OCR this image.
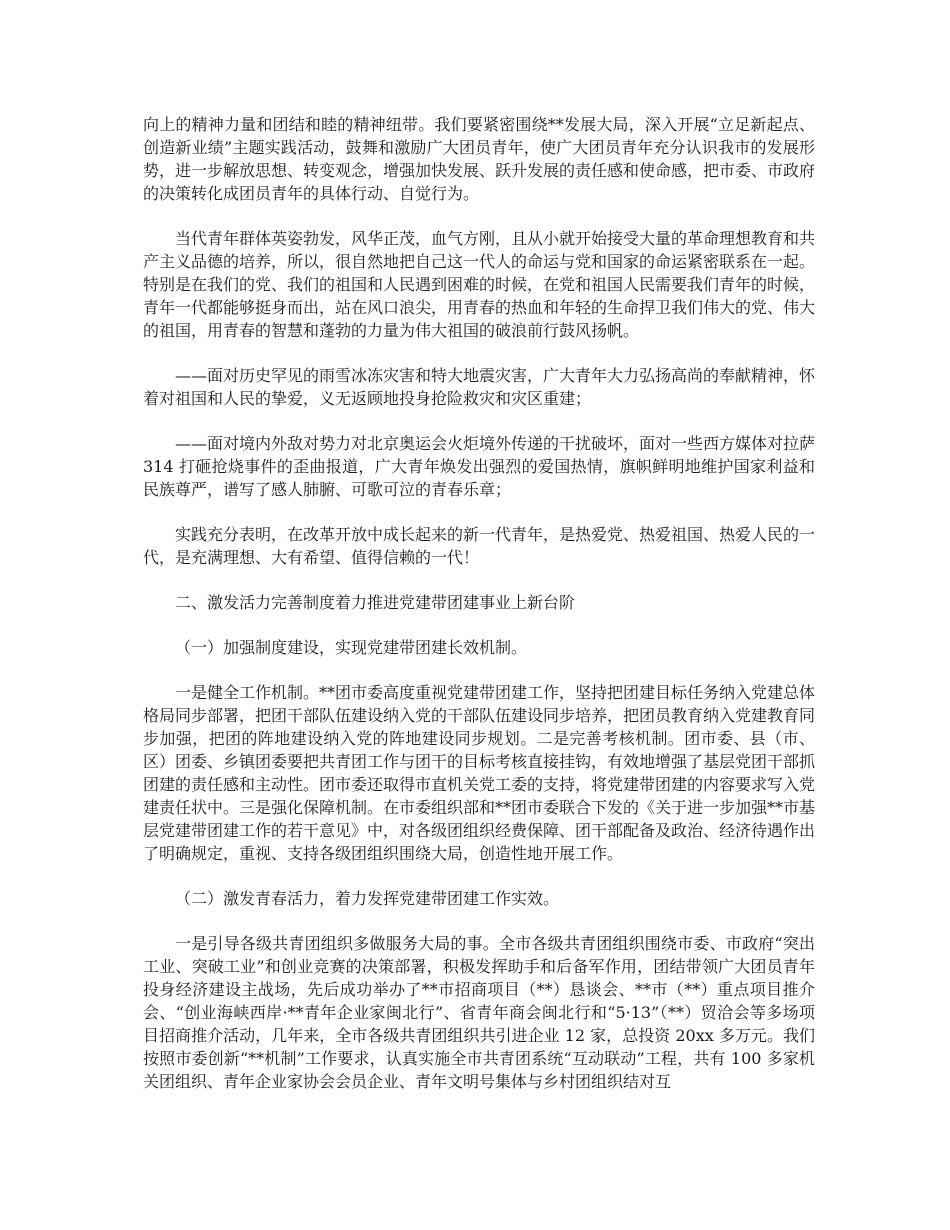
向上的精神力量和团结和睦的精神纽带。我们要紧密围绕**发展大局，深入开展“立足新起点、创造新业绩”主题实践活动，鼓舞和激励广大团员青年，使广大团员青年充分认识我市的发展形势，进一步解放思想、转变观念，增强加快发展、跃升发展的责任感和使命感，把市委、市政府的决策转化成团员青年的具体行动、自觉行为。

当代青年群体英姿勃发，风华正茂，血气方刚，且从小就开始接受大量的革命理想教育和共产主义品德的培养，所以，很自然地把自己这一代人的命运与党和国家的命运紧密联系在一起。特别是在我们的党、我们的祖国和人民遇到困难的时候，在党和祖国人民需要我们青年的时候，青年一代都能够挺身而出，站在风口浪尖，用青春的热血和年轻的生命捍卫我们伟大的党、伟大的祖国，用青春的智慧和蓬勃的力量为伟大祖国的破浪前行鼓风扬帆。

——面对历史罕见的雨雪冰冻灾害和特大地震灾害，广大青年大力弘扬高尚的奉献精神，怀着对祖国和人民的挚爱，义无返顾地投身抢险救灾和灾区重建；

——面对境内外敌对势力对北京奥运会火炬境外传递的干扰破坏，面对一些西方媒体对拉萨 314 打砸抢烧事件的歪曲报道，广大青年焕发出强烈的爱国热情，旗帜鲜明地维护国家利益和民族尊严，谱写了感人肺腑、可歌可泣的青春乐章；

实践充分表明，在改革开放中成长起来的新一代青年，是热爱党、热爱祖国、热爱人民的一代，是充满理想、大有希望、值得信赖的一代！

二、激发活力完善制度着力推进党建带团建事业上新台阶

（一）加强制度建设，实现党建带团建长效机制。

一是健全工作机制。**团市委高度重视党建带团建工作，坚持把团建目标任务纳入党建总体格局同步部署，把团干部队伍建设纳入党的干部队伍建设同步培养，把团员教育纳入党建教育同步加强，把团的阵地建设纳入党的阵地建设同步规划。二是完善考核机制。团市委、县（市、区）团委、乡镇团委要把共青团工作与团干的目标考核直接挂钩，有效地增强了基层党团干部抓团建的责任感和主动性。团市委还取得市直机关党工委的支持，将党建带团建的内容要求写入党建责任状中。三是强化保障机制。在市委组织部和**团市委联合下发的《关于进一步加强**市基层党建带团建工作的若干意见》中，对各级团组织经费保障、团干部配备及政治、经济待遇作出了明确规定，重视、支持各级团组织围绕大局，创造性地开展工作。

（二）激发青春活力，着力发挥党建带团建工作实效。

一是引导各级共青团组织多做服务大局的事。全市各级共青团组织围绕市委、市政府“突出工业、突破工业”和创业竞赛的决策部署，积极发挥助手和后备军作用，团结带领广大团员青年投身经济建设主战场，先后成功举办了**市招商项目（**）恳谈会、**市（**）重点项目推介会、“创业海峡西岸·**青年企业家闽北行”、省青年商会闽北行和“5·13”（**）贸洽会等多场项目招商推介活动，几年来，全市各级共青团组织共引进企业 12 家，总投资 20xx 多万元。我们按照市委创新“**机制”工作要求，认真实施全市共青团系统“互动联动”工程，共有 100 多家机关团组织、青年企业家协会会员企业、青年文明号集体与乡村团组织结对互
